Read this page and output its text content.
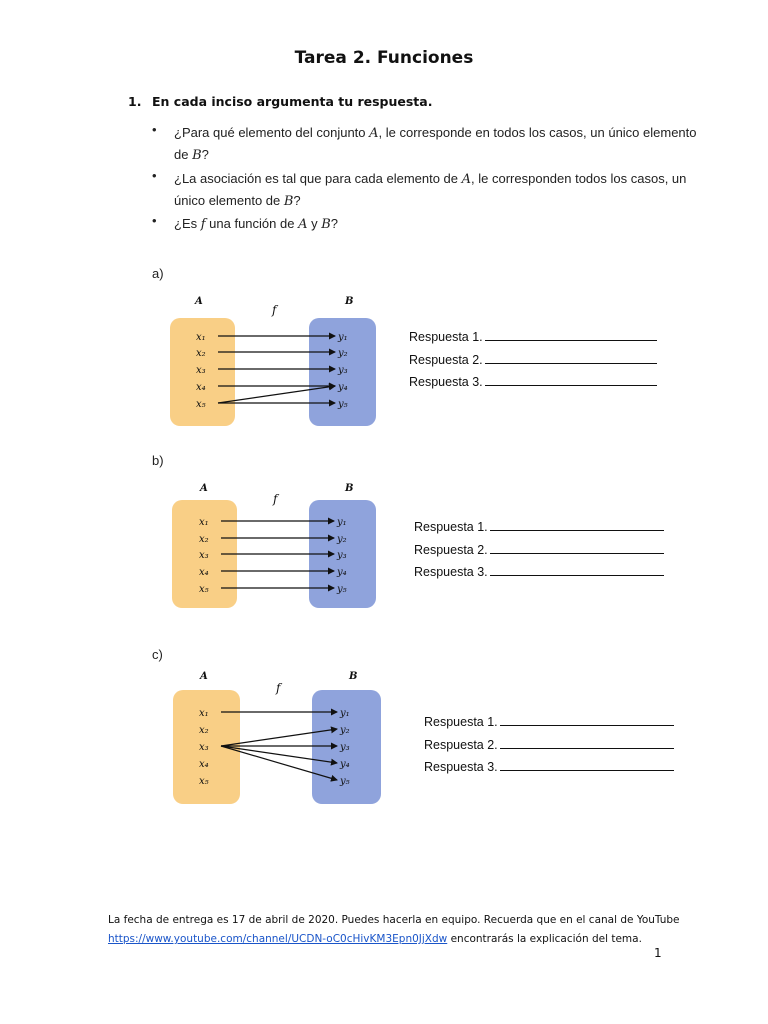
Tarea 2. Funciones
1. En cada inciso argumenta tu respuesta.
• ¿Para qué elemento del conjunto A, le corresponde en todos los casos, un único elemento
de B?
• ¿La asociación es tal que para cada elemento de A, le corresponden todos los casos, un
único elemento de B?
• ¿Es f una función de A y B?
a)
b)
c)
A	B
f
x₁
x₂
x₃
x₄
x₅
y₁
y₂
y₃
y₄
y₅
A	B
f
x₁
x₂
x₃
x₄
x₅
y₁
y₂
y₃
y₄
y₅
A	B
f
x₁
x₂
x₃
x₄
x₅
y₁
y₂
y₃
y₄
y₅
Respuesta 1.
Respuesta 2.
Respuesta 3.
Respuesta 1.
Respuesta 2.
Respuesta 3.
Respuesta 1.
Respuesta 2.
Respuesta 3.
La fecha de entrega es 17 de abril de 2020. Puedes hacerla en equipo. Recuerda que en el canal de YouTube
https://www.youtube.com/channel/UCDN-oC0cHivKM3Epn0JjXdw encontrarás la explicación del tema.
1
